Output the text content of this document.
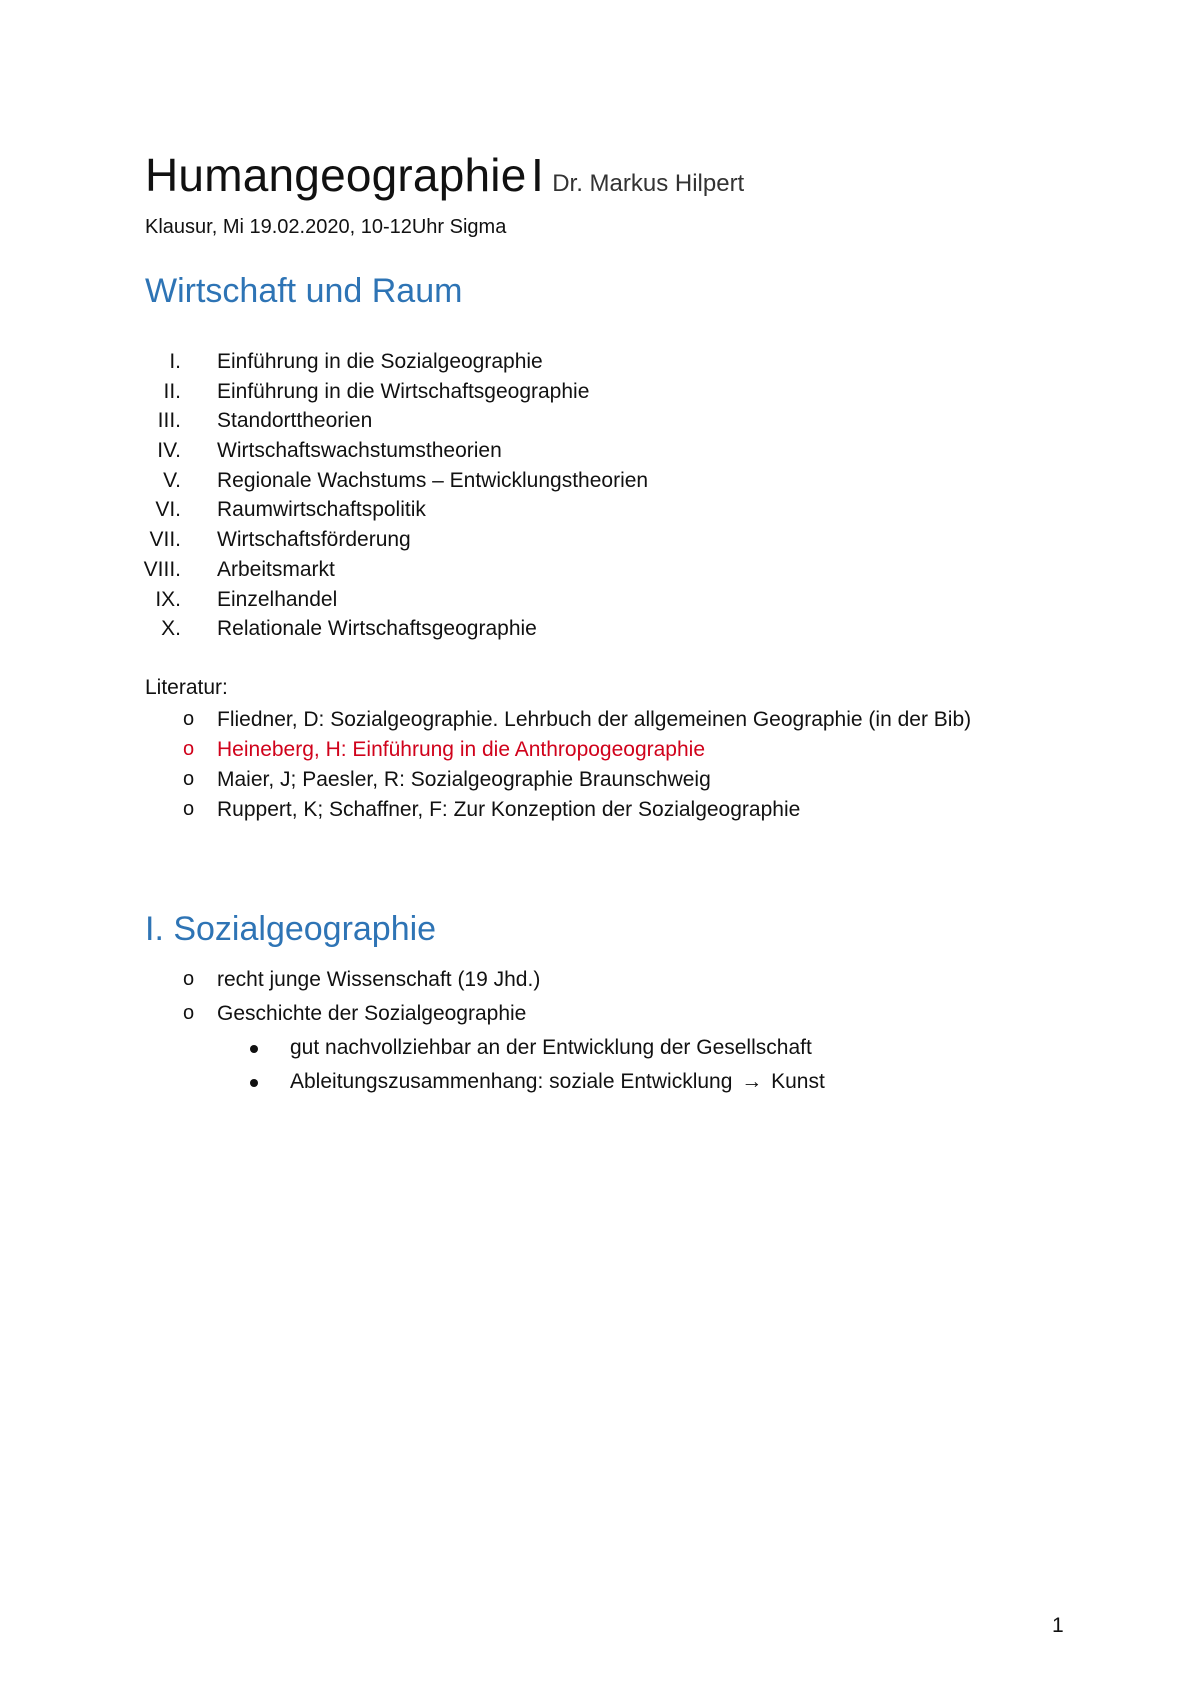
Humangeographie I Dr. Markus Hilpert
Klausur, Mi 19.02.2020, 10-12Uhr Sigma
Wirtschaft und Raum
I. Einführung in die Sozialgeographie
II. Einführung in die Wirtschaftsgeographie
III. Standorttheorien
IV. Wirtschaftswachstumstheorien
V. Regionale Wachstums – Entwicklungstheorien
VI. Raumwirtschaftspolitik
VII. Wirtschaftsförderung
VIII. Arbeitsmarkt
IX. Einzelhandel
X. Relationale Wirtschaftsgeographie
Literatur:
o Fliedner, D: Sozialgeographie. Lehrbuch der allgemeinen Geographie (in der Bib)
o Heineberg, H: Einführung in die Anthropogeographie
o Maier, J; Paesler, R: Sozialgeographie Braunschweig
o Ruppert, K; Schaffner, F: Zur Konzeption der Sozialgeographie
I. Sozialgeographie
o recht junge Wissenschaft (19 Jhd.)
o Geschichte der Sozialgeographie
gut nachvollziehbar an der Entwicklung der Gesellschaft
Ableitungszusammenhang: soziale Entwicklung → Kunst
1
